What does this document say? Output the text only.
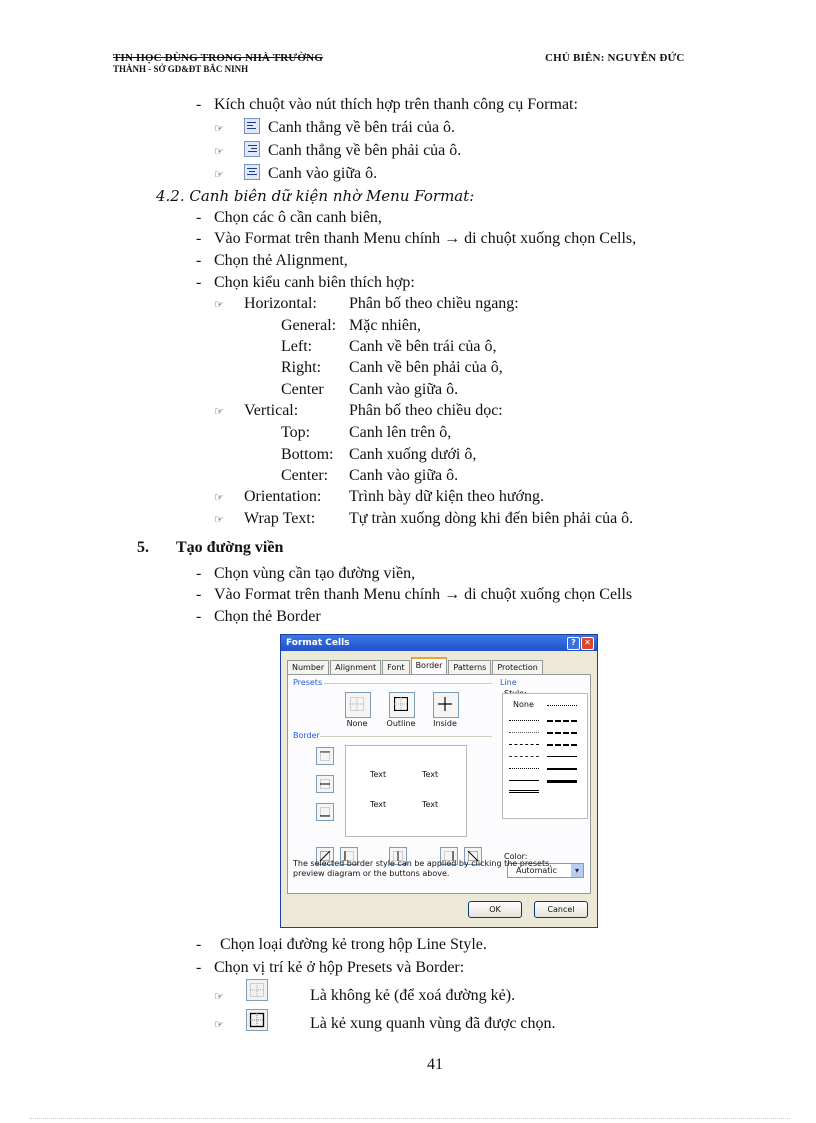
TIN HỌC DÙNG TRONG NHÀ TRƯỜNG
THÀNH - SỞ GD&ĐT BẮC NINH
CHỦ BIÊN: NGUYỄN ĐỨC
- Kích chuột vào nút thích hợp trên thanh công cụ Format:
☞	Canh thẳng về bên trái của ô.
☞	Canh thẳng về bên phải của ô.
☞	Canh vào giữa ô.
4.2. Canh biên dữ kiện nhờ Menu Format:
- Chọn các ô cần canh biên,
- Vào Format trên thanh Menu chính → di chuột xuống chọn Cells,
- Chọn thẻ Alignment,
- Chọn kiểu canh biên thích hợp:
☞ Horizontal: Phân bố theo chiều ngang:
General: Mặc nhiên,
Left: Canh về bên trái của ô,
Right: Canh về bên phải của ô,
Center Canh vào giữa ô.
☞ Vertical:	Phân bố theo chiều dọc:
Top: Canh lên trên ô,
Bottom: Canh xuống dưới ô,
Center: Canh vào giữa ô.
☞ Orientation: Trình bày dữ kiện theo hướng.
☞ Wrap Text: Tự tràn xuống dòng khi đến biên phải của ô.
5. Tạo đường viền
- Chọn vùng cần tạo đường viền,
- Vào Format trên thanh Menu chính → di chuột xuống chọn Cells
- Chọn thẻ Border
Format Cells	?	✕
Number Alignment Font Border Patterns Protection
Presets
None	Outline	Inside
Border
Text	Text
Text	Text
Line
None
Color:
Automatic	▾
The selected border style can be applied by clicking the presets, preview diagram or the buttons above.
OK	Cancel
- Chọn loại đường kẻ trong hộp Line Style.
- Chọn vị trí kẻ ở hộp Presets và Border:
☞	Là không kẻ (để xoá đường kẻ).
☞	Là kẻ xung quanh vùng đã được chọn.
41
